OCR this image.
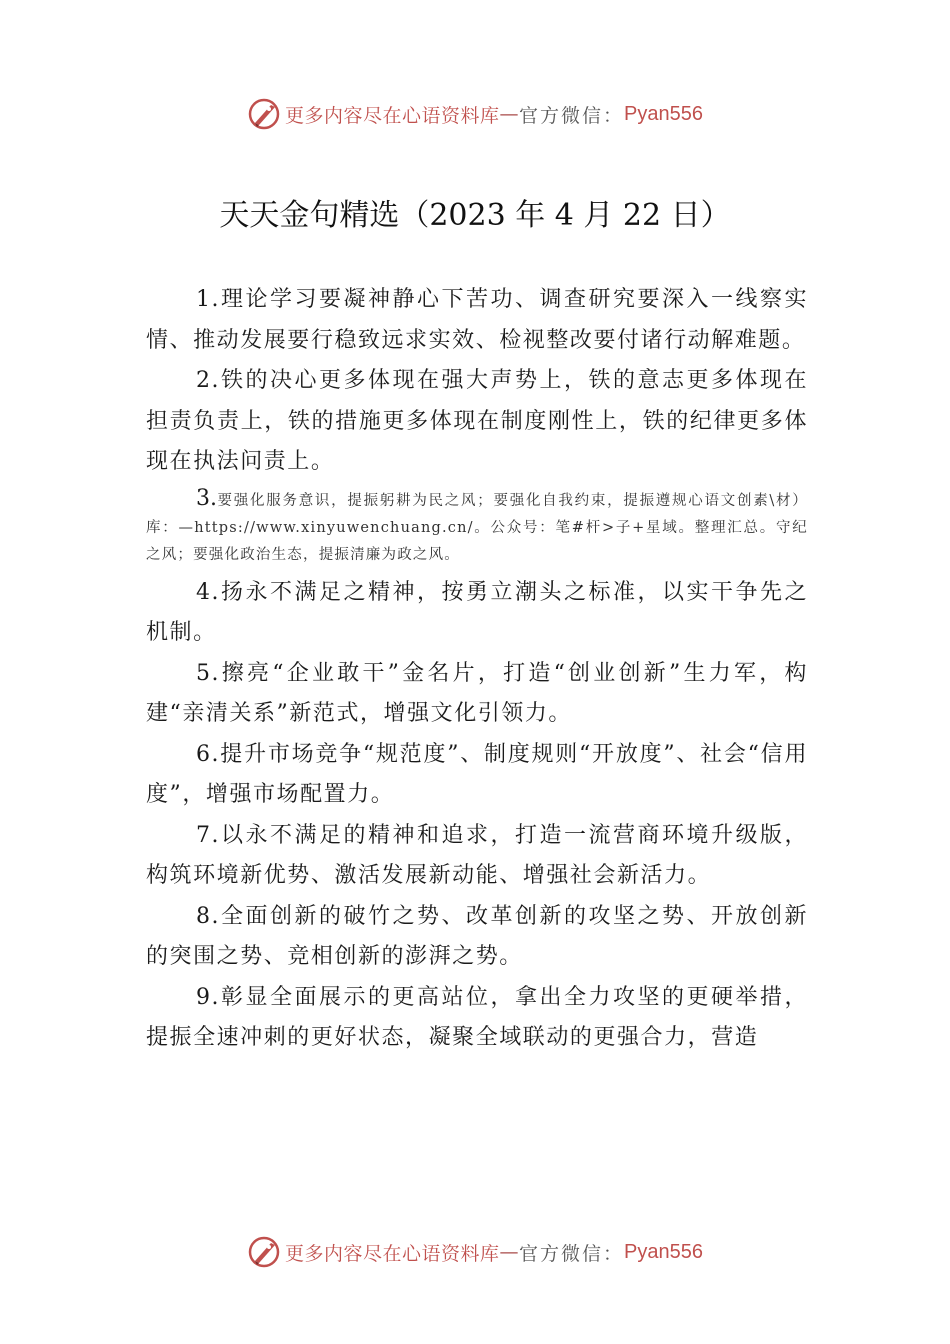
更多内容尽在心语资料库 — 官方微信： Pyan556
天天金句精选（2023 年 4 月 22 日）

1.理论学习要凝神静心下苦功、调查研究要深入一线察实情、推动发展要行稳致远求实效、检视整改要付诸行动解难题。

2.铁的决心更多体现在强大声势上，铁的意志更多体现在担责负责上，铁的措施更多体现在制度刚性上，铁的纪律更多体现在执法问责上。

3.要强化服务意识，提振躬耕为民之风；要强化自我约束，提振遵规心语文创素\材）库：—https://www.xinyuwenchuang.cn/。公众号：笔#杆>子+星域。整理汇总。守纪之风；要强化政治生态，提振清廉为政之风。

4.扬永不满足之精神，按勇立潮头之标准，以实干争先之机制。

5.擦亮“企业敢干”金名片，打造“创业创新”生力军，构建“亲清关系”新范式，增强文化引领力。

6.提升市场竞争“规范度”、制度规则“开放度”、社会“信用度”，增强市场配置力。

7.以永不满足的精神和追求，打造一流营商环境升级版，构筑环境新优势、激活发展新动能、增强社会新活力。

8.全面创新的破竹之势、改革创新的攻坚之势、开放创新的突围之势、竞相创新的澎湃之势。

9.彰显全面展示的更高站位，拿出全力攻坚的更硬举措，提振全速冲刺的更好状态，凝聚全域联动的更强合力，营造

更多内容尽在心语资料库 — 官方微信： Pyan556
